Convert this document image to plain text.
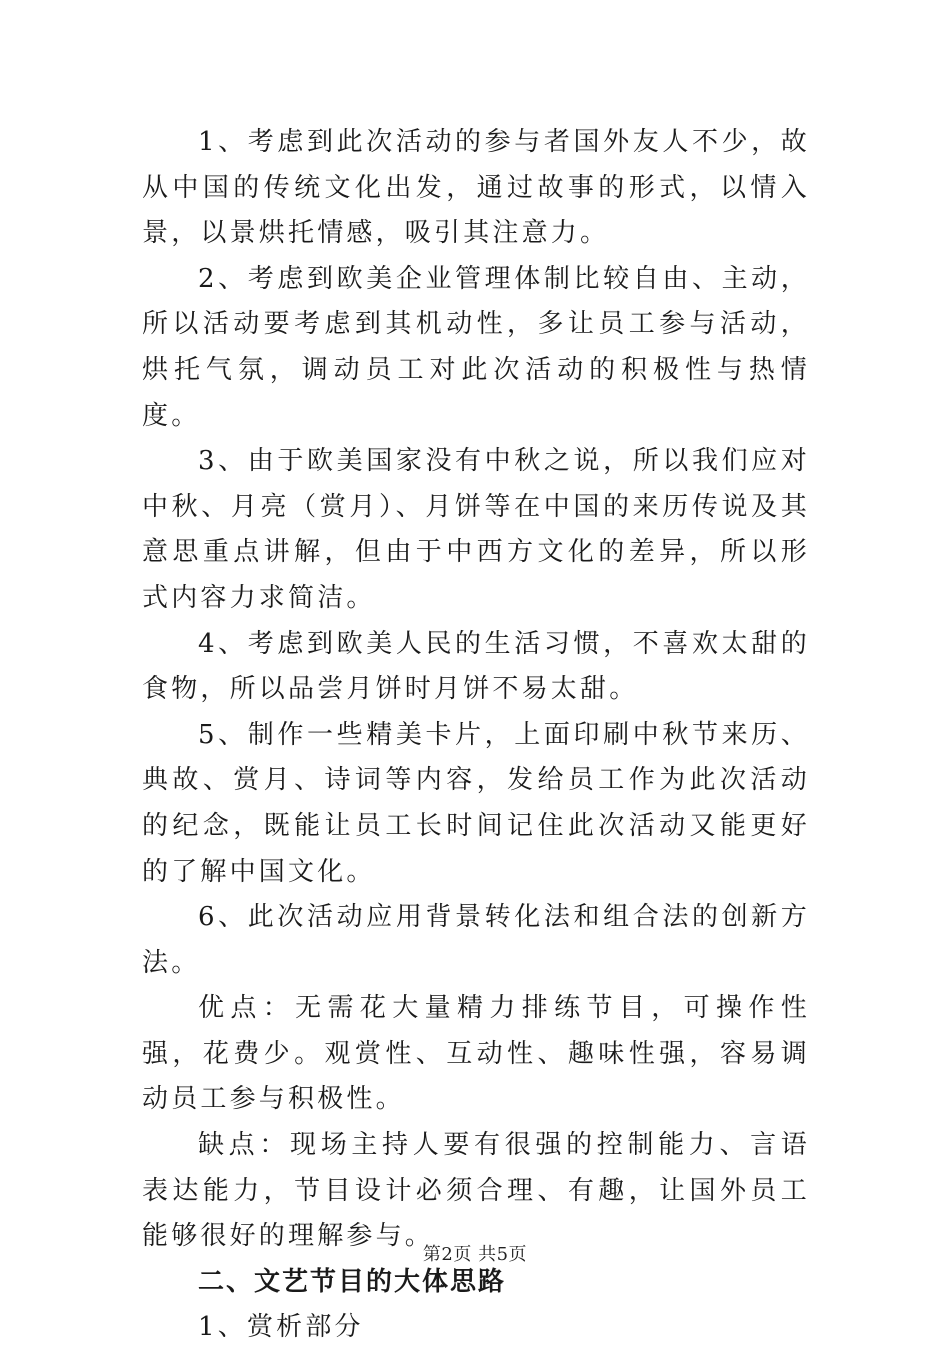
1、考虑到此次活动的参与者国外友人不少，故从中国的传统文化出发，通过故事的形式，以情入景，以景烘托情感，吸引其注意力。

2、考虑到欧美企业管理体制比较自由、主动，所以活动要考虑到其机动性，多让员工参与活动，烘托气氛，调动员工对此次活动的积极性与热情度。

3、由于欧美国家没有中秋之说，所以我们应对中秋、月亮（赏月）、月饼等在中国的来历传说及其意思重点讲解，但由于中西方文化的差异，所以形式内容力求简洁。

4、考虑到欧美人民的生活习惯，不喜欢太甜的食物，所以品尝月饼时月饼不易太甜。

5、制作一些精美卡片，上面印刷中秋节来历、典故、赏月、诗词等内容，发给员工作为此次活动的纪念，既能让员工长时间记住此次活动又能更好的了解中国文化。

6、此次活动应用背景转化法和组合法的创新方法。

优点：无需花大量精力排练节目，可操作性强，花费少。观赏性、互动性、趣味性强，容易调动员工参与积极性。

缺点：现场主持人要有很强的控制能力、言语表达能力，节目设计必须合理、有趣，让国外员工能够很好的理解参与。

二、文艺节目的大体思路

1、赏析部分

第2页 共5页
